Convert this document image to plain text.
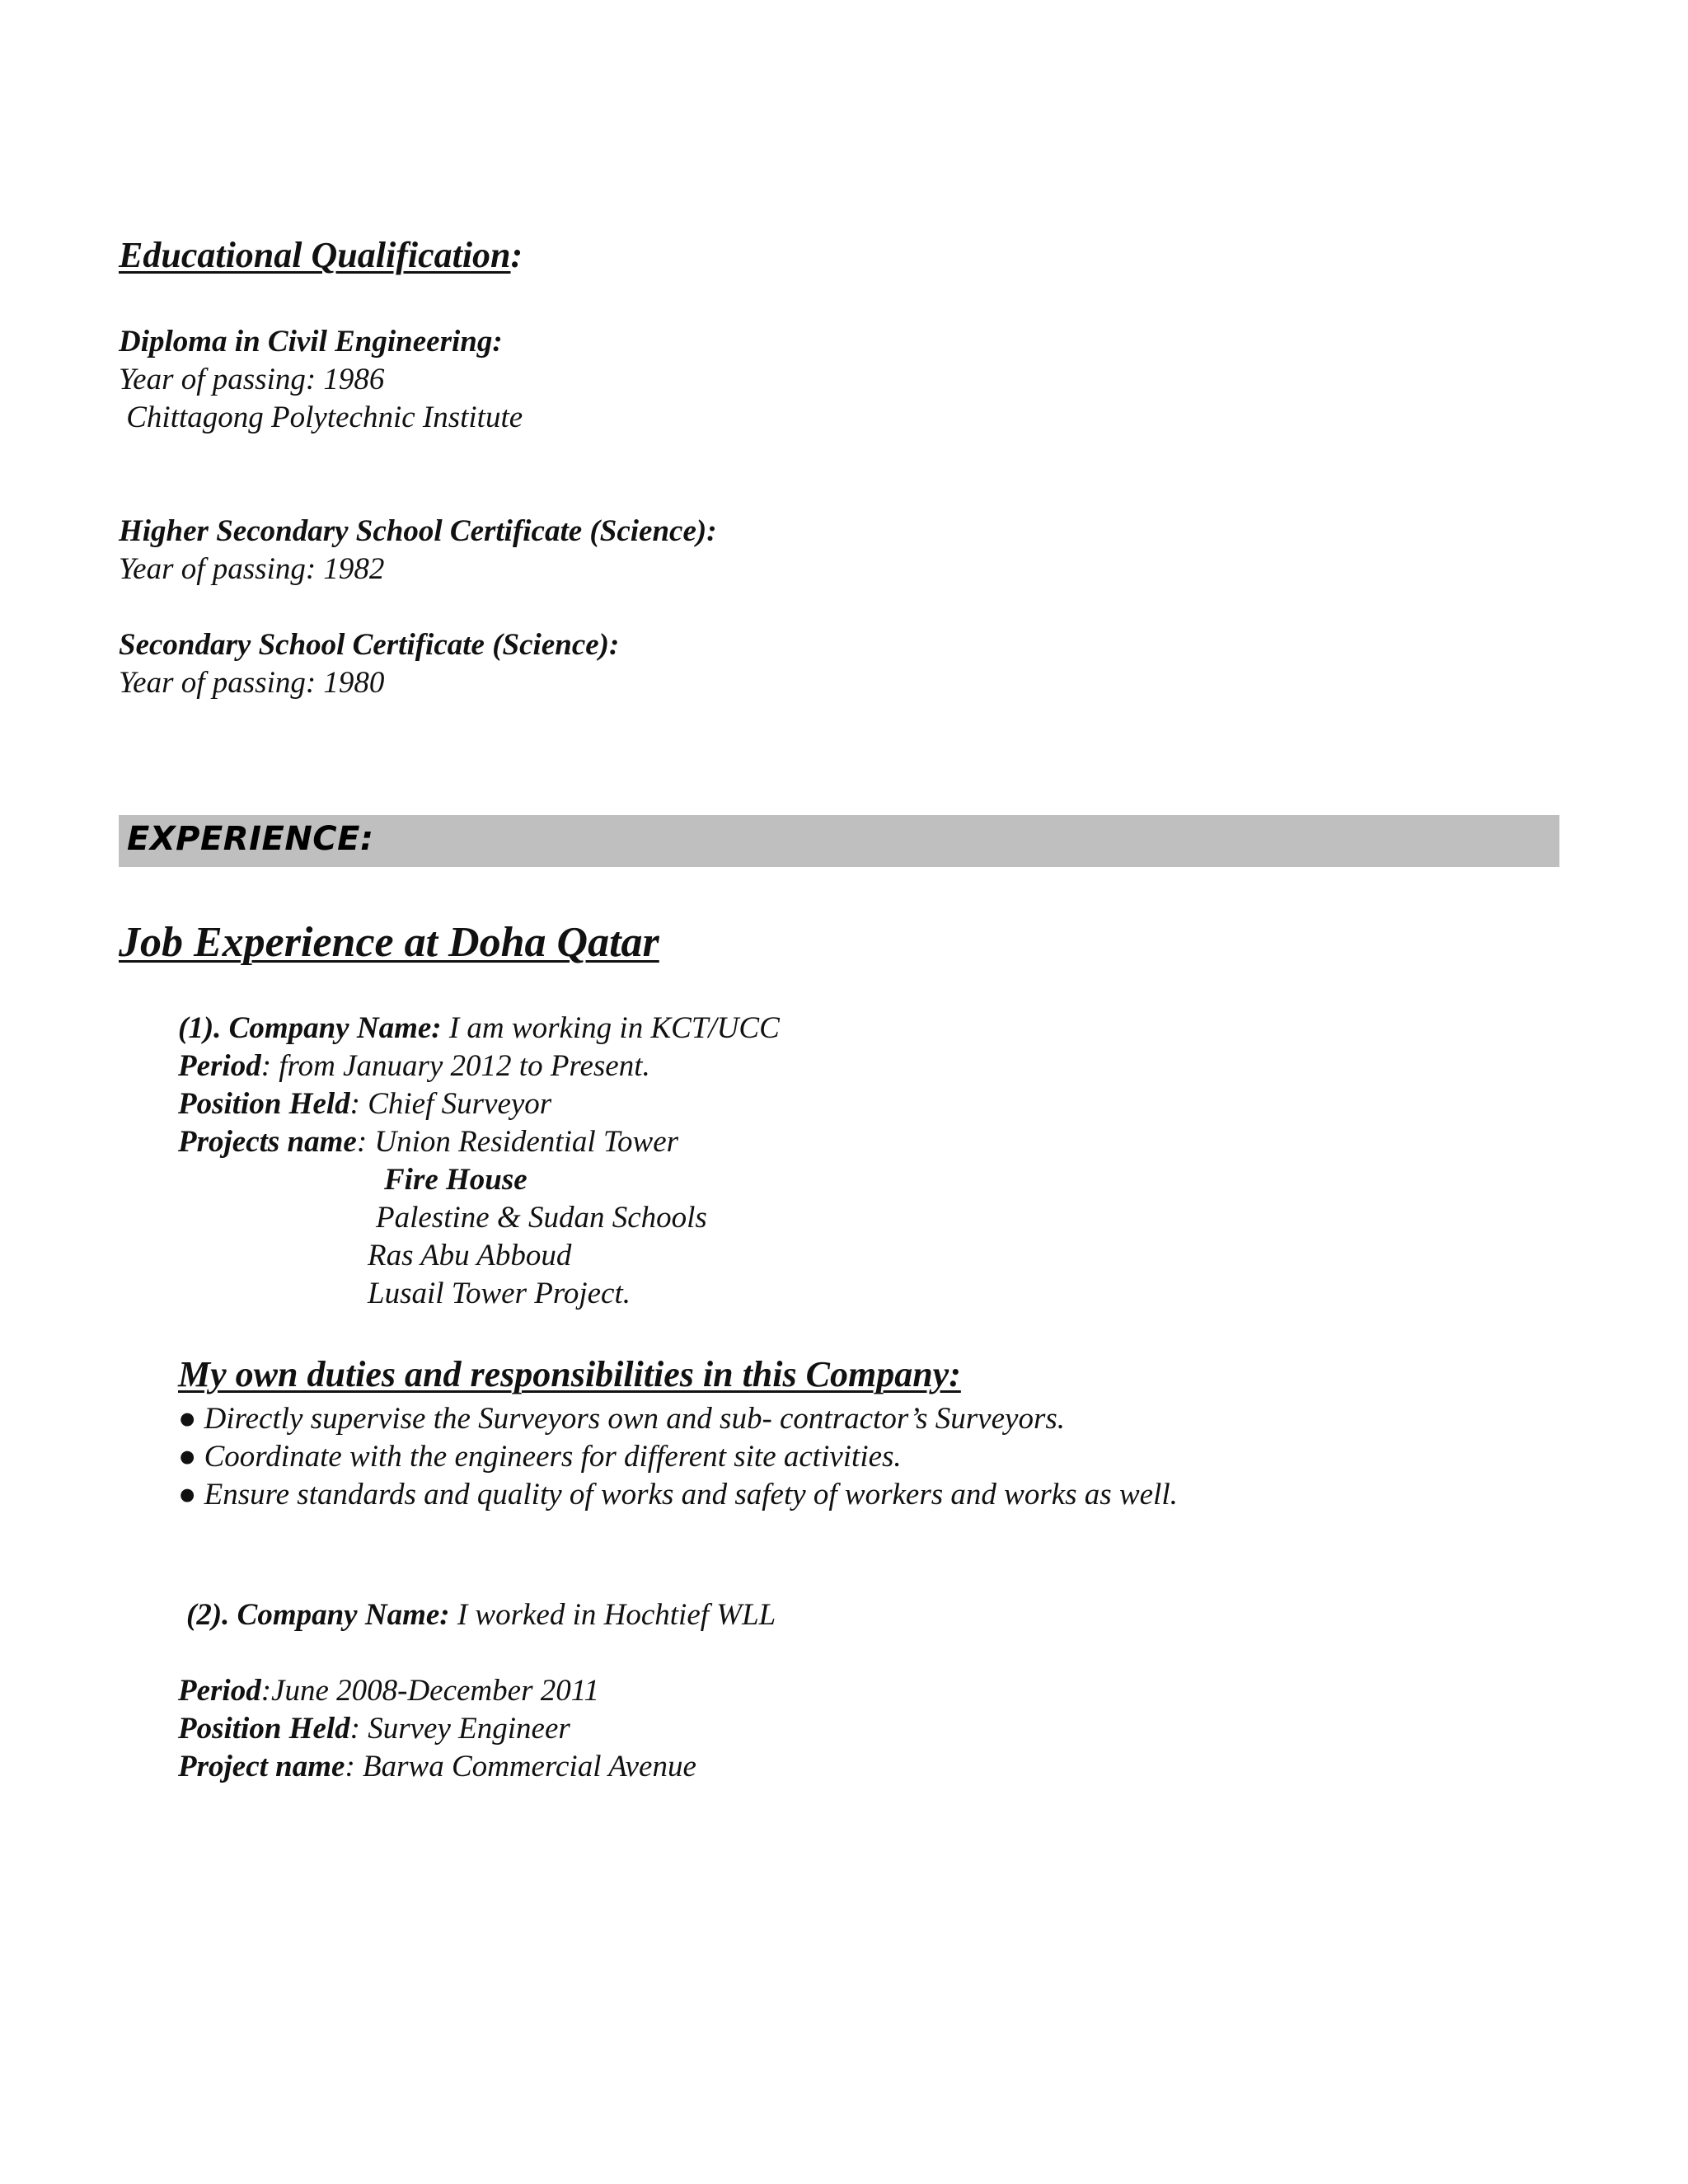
Educational Qualification:
Diploma in Civil Engineering:
Year of passing: 1986
Chittagong Polytechnic Institute
Higher Secondary School Certificate (Science):
Year of passing: 1982
Secondary School Certificate (Science):
Year of passing: 1980
EXPERIENCE:
Job Experience at Doha Qatar
(1). Company Name: I am working in KCT/UCC
Period: from January 2012 to Present.
Position Held: Chief Surveyor
Projects name: Union Residential Tower
Fire House
Palestine & Sudan Schools
Ras Abu Abboud
Lusail Tower Project.
My own duties and responsibilities in this Company:
● Directly supervise the Surveyors own and sub- contractor’s Surveyors.
● Coordinate with the engineers for different site activities.
● Ensure standards and quality of works and safety of workers and works as well.
(2). Company Name: I worked in Hochtief WLL
Period:June 2008-December 2011
Position Held: Survey Engineer
Project name: Barwa Commercial Avenue
